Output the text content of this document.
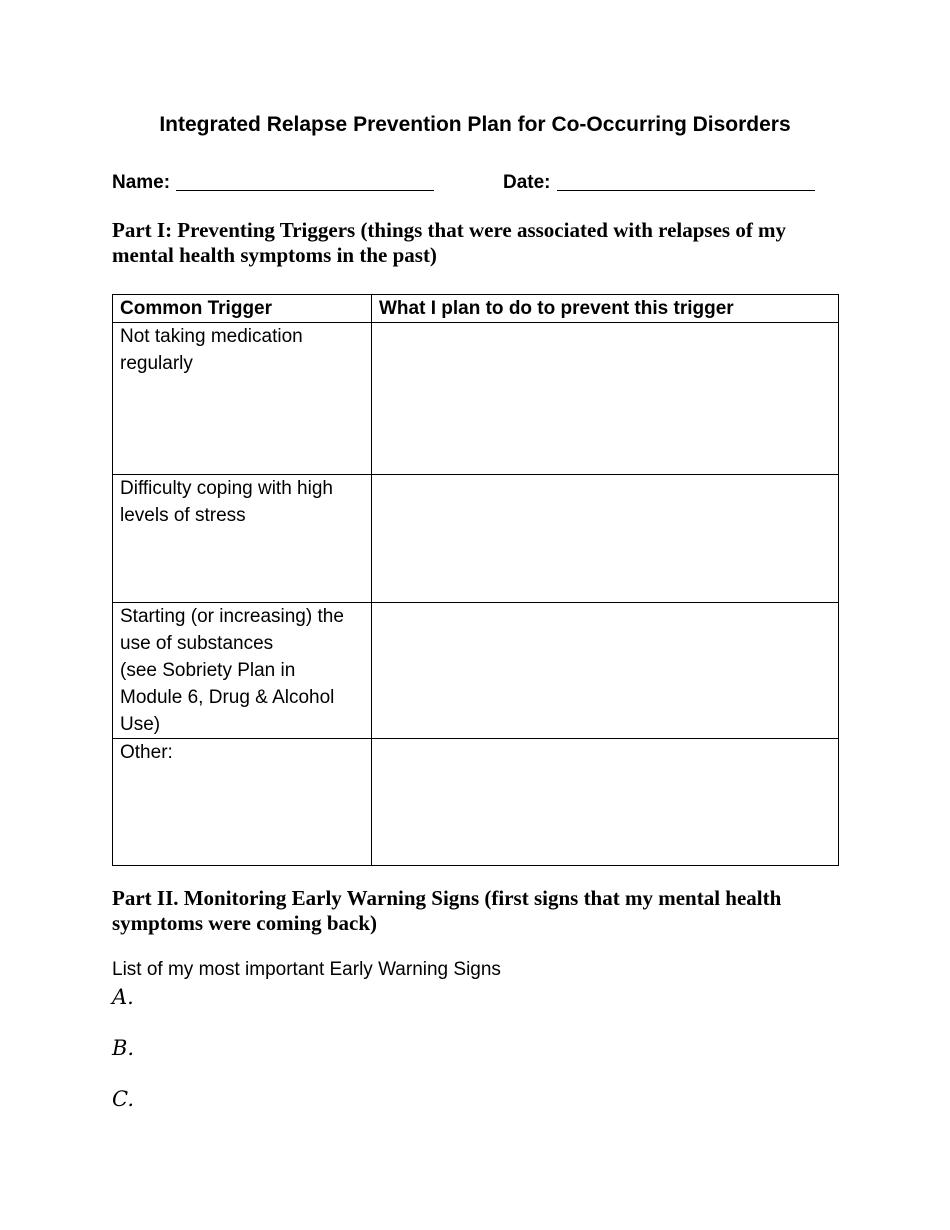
Integrated Relapse Prevention Plan for Co-Occurring Disorders
Name:	Date:
Part I: Preventing Triggers (things that were associated with relapses of my mental health symptoms in the past)
Common Trigger	What I plan to do to prevent this trigger

Not taking medication
regularly	

Difficulty coping with high
levels of stress	

Starting (or increasing) the
use of substances
(see Sobriety Plan in
Module 6, Drug & Alcohol
Use)	

Other:	

Part II. Monitoring Early Warning Signs (first signs that my mental health symptoms were coming back)
List of my most important Early Warning Signs
A.
B.
C.
